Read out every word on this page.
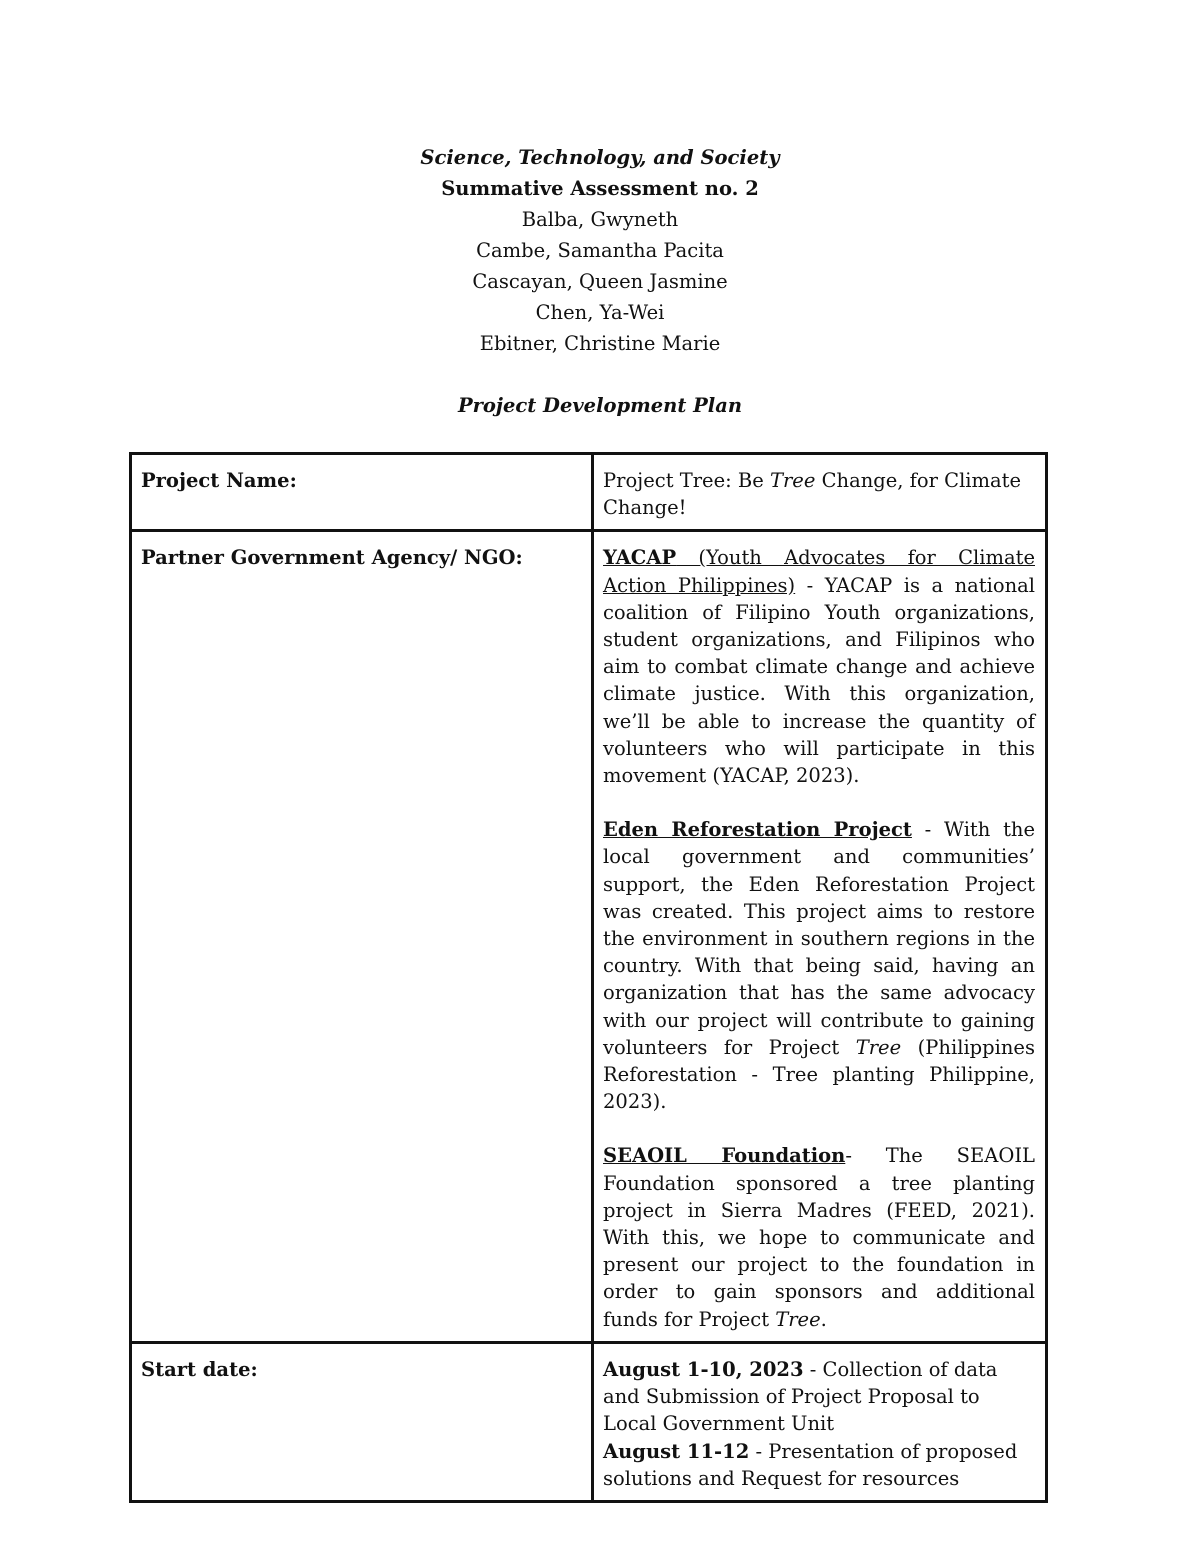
Science, Technology, and Society
Summative Assessment no. 2
Balba, Gwyneth
Cambe, Samantha Pacita
Cascayan, Queen Jasmine
Chen, Ya-Wei
Ebitner, Christine Marie
Project Development Plan
Project Name:	Project Tree: Be Tree Change, for Climate Change!
Partner Government Agency/ NGO:	YACAP (Youth Advocates for Climate Action Philippines) - YACAP is a national coalition of Filipino Youth organizations, student organizations, and Filipinos who aim to combat climate change and achieve climate justice. With this organization, we’ll be able to increase the quantity of volunteers who will participate in this movement (YACAP, 2023).
Eden Reforestation Project - With the local government and communities’ support, the Eden Reforestation Project was created. This project aims to restore the environment in southern regions in the country. With that being said, having an organization that has the same advocacy with our project will contribute to gaining volunteers for Project Tree (Philippines Reforestation - Tree planting Philippine, 2023).
SEAOIL Foundation- The SEAOIL Foundation sponsored a tree planting project in Sierra Madres (FEED, 2021). With this, we hope to communicate and present our project to the foundation in order to gain sponsors and additional funds for Project Tree.

Start date:	August 1-10, 2023 - Collection of data and Submission of Project Proposal to Local Government Unit
August 11-12 - Presentation of proposed solutions and Request for resources
